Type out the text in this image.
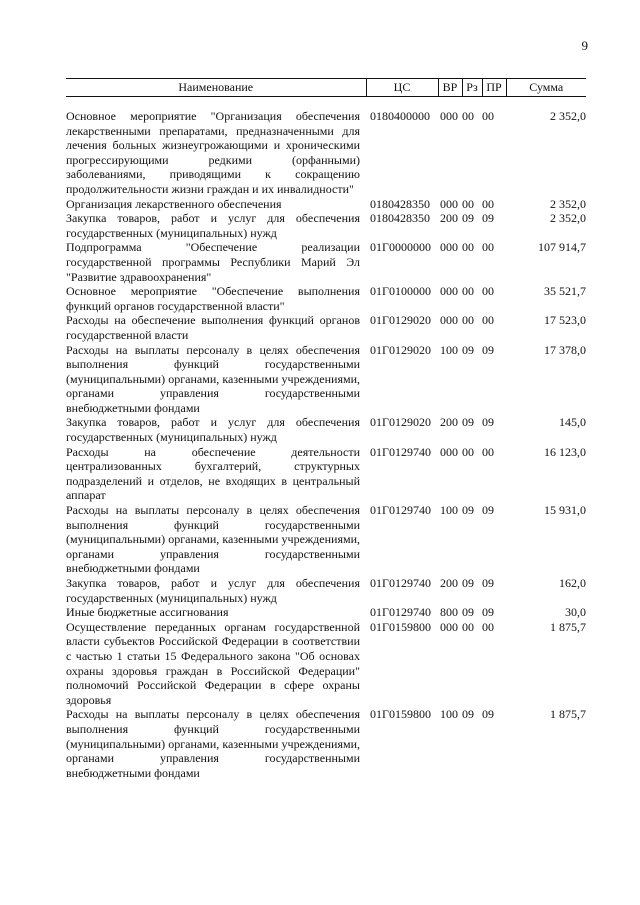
9
Наименование	ЦС	ВР	Рз	ПР	Сумма
Основное мероприятие "Организация обеспечения лекарственными препаратами, предназначенными для лечения больных жизнеугрожающими и хроническими прогрессирующими редкими (орфанными) заболеваниями, приводящими к сокращению продолжительности жизни граждан и их инвалидности"	0180400000	000	00	00	2 352,0
Организация лекарственного обеспечения	0180428350	000	00	00	2 352,0
Закупка товаров, работ и услуг для обеспечения государственных (муниципальных) нужд	0180428350	200	09	09	2 352,0
Подпрограмма "Обеспечение реализации государственной программы Республики Марий Эл "Развитие здравоохранения"	01Г0000000	000	00	00	107 914,7
Основное мероприятие "Обеспечение выполнения функций органов государственной власти"	01Г0100000	000	00	00	35 521,7
Расходы на обеспечение выполнения функций органов государственной власти	01Г0129020	000	00	00	17 523,0
Расходы на выплаты персоналу в целях обеспечения выполнения функций государственными (муниципальными) органами, казенными учреждениями, органами управления государственными внебюджетными фондами	01Г0129020	100	09	09	17 378,0
Закупка товаров, работ и услуг для обеспечения государственных (муниципальных) нужд	01Г0129020	200	09	09	145,0
Расходы на обеспечение деятельности централизованных бухгалтерий, структурных подразделений и отделов, не входящих в центральный аппарат	01Г0129740	000	00	00	16 123,0
Расходы на выплаты персоналу в целях обеспечения выполнения функций государственными (муниципальными) органами, казенными учреждениями, органами управления государственными внебюджетными фондами	01Г0129740	100	09	09	15 931,0
Закупка товаров, работ и услуг для обеспечения государственных (муниципальных) нужд	01Г0129740	200	09	09	162,0
Иные бюджетные ассигнования	01Г0129740	800	09	09	30,0
Осуществление переданных органам государственной власти субъектов Российской Федерации в соответствии с частью 1 статьи 15 Федерального закона "Об основах охраны здоровья граждан в Российской Федерации" полномочий Российской Федерации в сфере охраны здоровья	01Г0159800	000	00	00	1 875,7
Расходы на выплаты персоналу в целях обеспечения выполнения функций государственными (муниципальными) органами, казенными учреждениями, органами управления государственными внебюджетными фондами	01Г0159800	100	09	09	1 875,7
